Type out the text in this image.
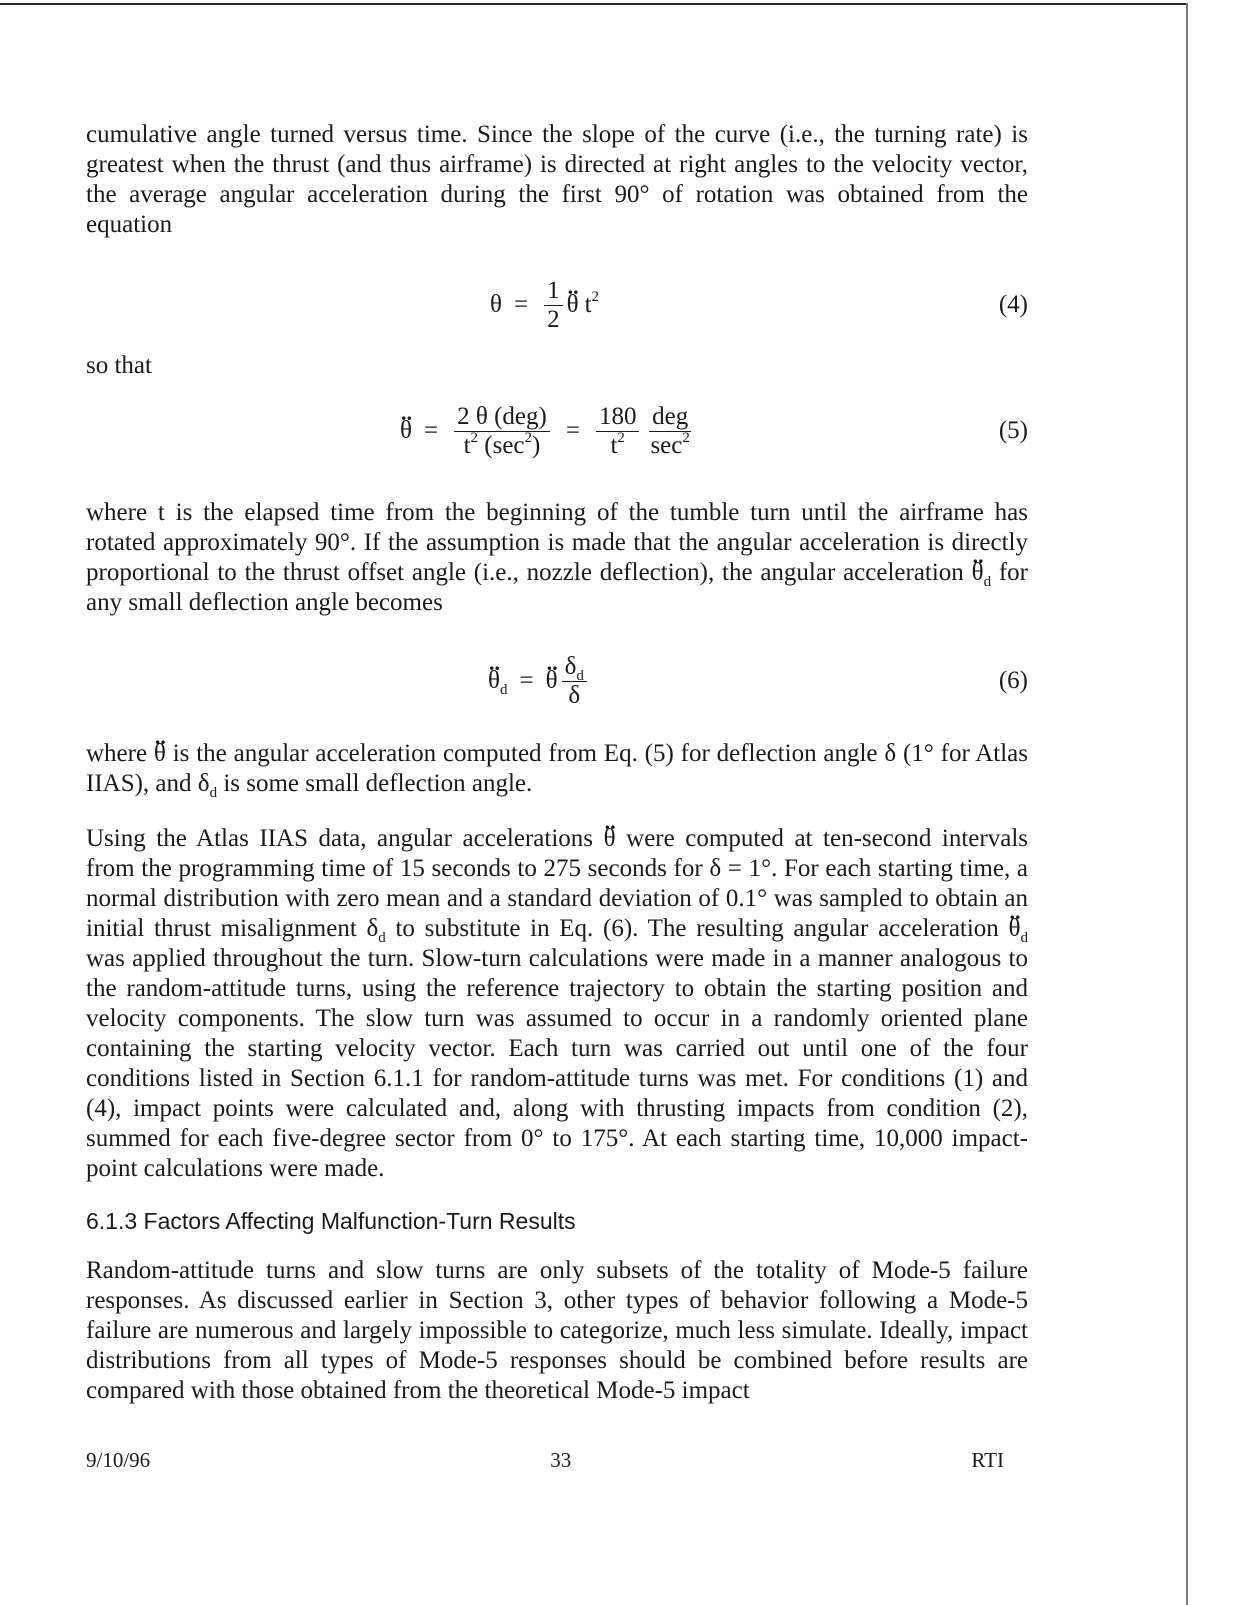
cumulative angle turned versus time. Since the slope of the curve (i.e., the turning rate) is greatest when the thrust (and thus airframe) is directed at right angles to the velocity vector, the average angular acceleration during the first 90° of rotation was obtained from the equation

$\theta = \frac{1}{2}$ .. θ $t^2$	(4)

so that

.. $\theta = \frac{\text{2 θ (deg)}}{t^2 (\sec^2)} = \frac{180}{t^2} \frac{\text{deg}}{\sec^2}$	(5)

where t is the elapsed time from the beginning of the tumble turn until the airframe has rotated approximately 90°. If the assumption is made that the angular acceleration is directly proportional to the thrust offset angle (i.e., nozzle deflection), the angular acceleration .. $\theta_d$ for any small deflection angle becomes

.. $\theta_d$ = .. θ $\frac{\delta_d}{\delta}$	(6)

where .. θ is the angular acceleration computed from Eq. (5) for deflection angle δ (1° for Atlas IIAS), and $\delta_d$ is some small deflection angle.

Using the Atlas IIAS data, angular accelerations .. θ were computed at ten-second intervals from the programming time of 15 seconds to 275 seconds for δ = 1°. For each starting time, a normal distribution with zero mean and a standard deviation of 0.1° was sampled to obtain an initial thrust misalignment $\delta_d$ to substitute in Eq. (6). The resulting angular acceleration .. $\theta_d$ was applied throughout the turn. Slow-turn calculations were made in a manner analogous to the random-attitude turns, using the reference trajectory to obtain the starting position and velocity components. The slow turn was assumed to occur in a randomly oriented plane containing the starting velocity vector. Each turn was carried out until one of the four conditions listed in Section 6.1.1 for random-attitude turns was met. For conditions (1) and (4), impact points were calculated and, along with thrusting impacts from condition (2), summed for each five-degree sector from 0° to 175°. At each starting time, 10,000 impact-point calculations were made.

6.1.3 Factors Affecting Malfunction-Turn Results

Random-attitude turns and slow turns are only subsets of the totality of Mode-5 failure responses. As discussed earlier in Section 3, other types of behavior following a Mode-5 failure are numerous and largely impossible to categorize, much less simulate. Ideally, impact distributions from all types of Mode-5 responses should be combined before results are compared with those obtained from the theoretical Mode-5 impact

9/10/96	33	RTI
